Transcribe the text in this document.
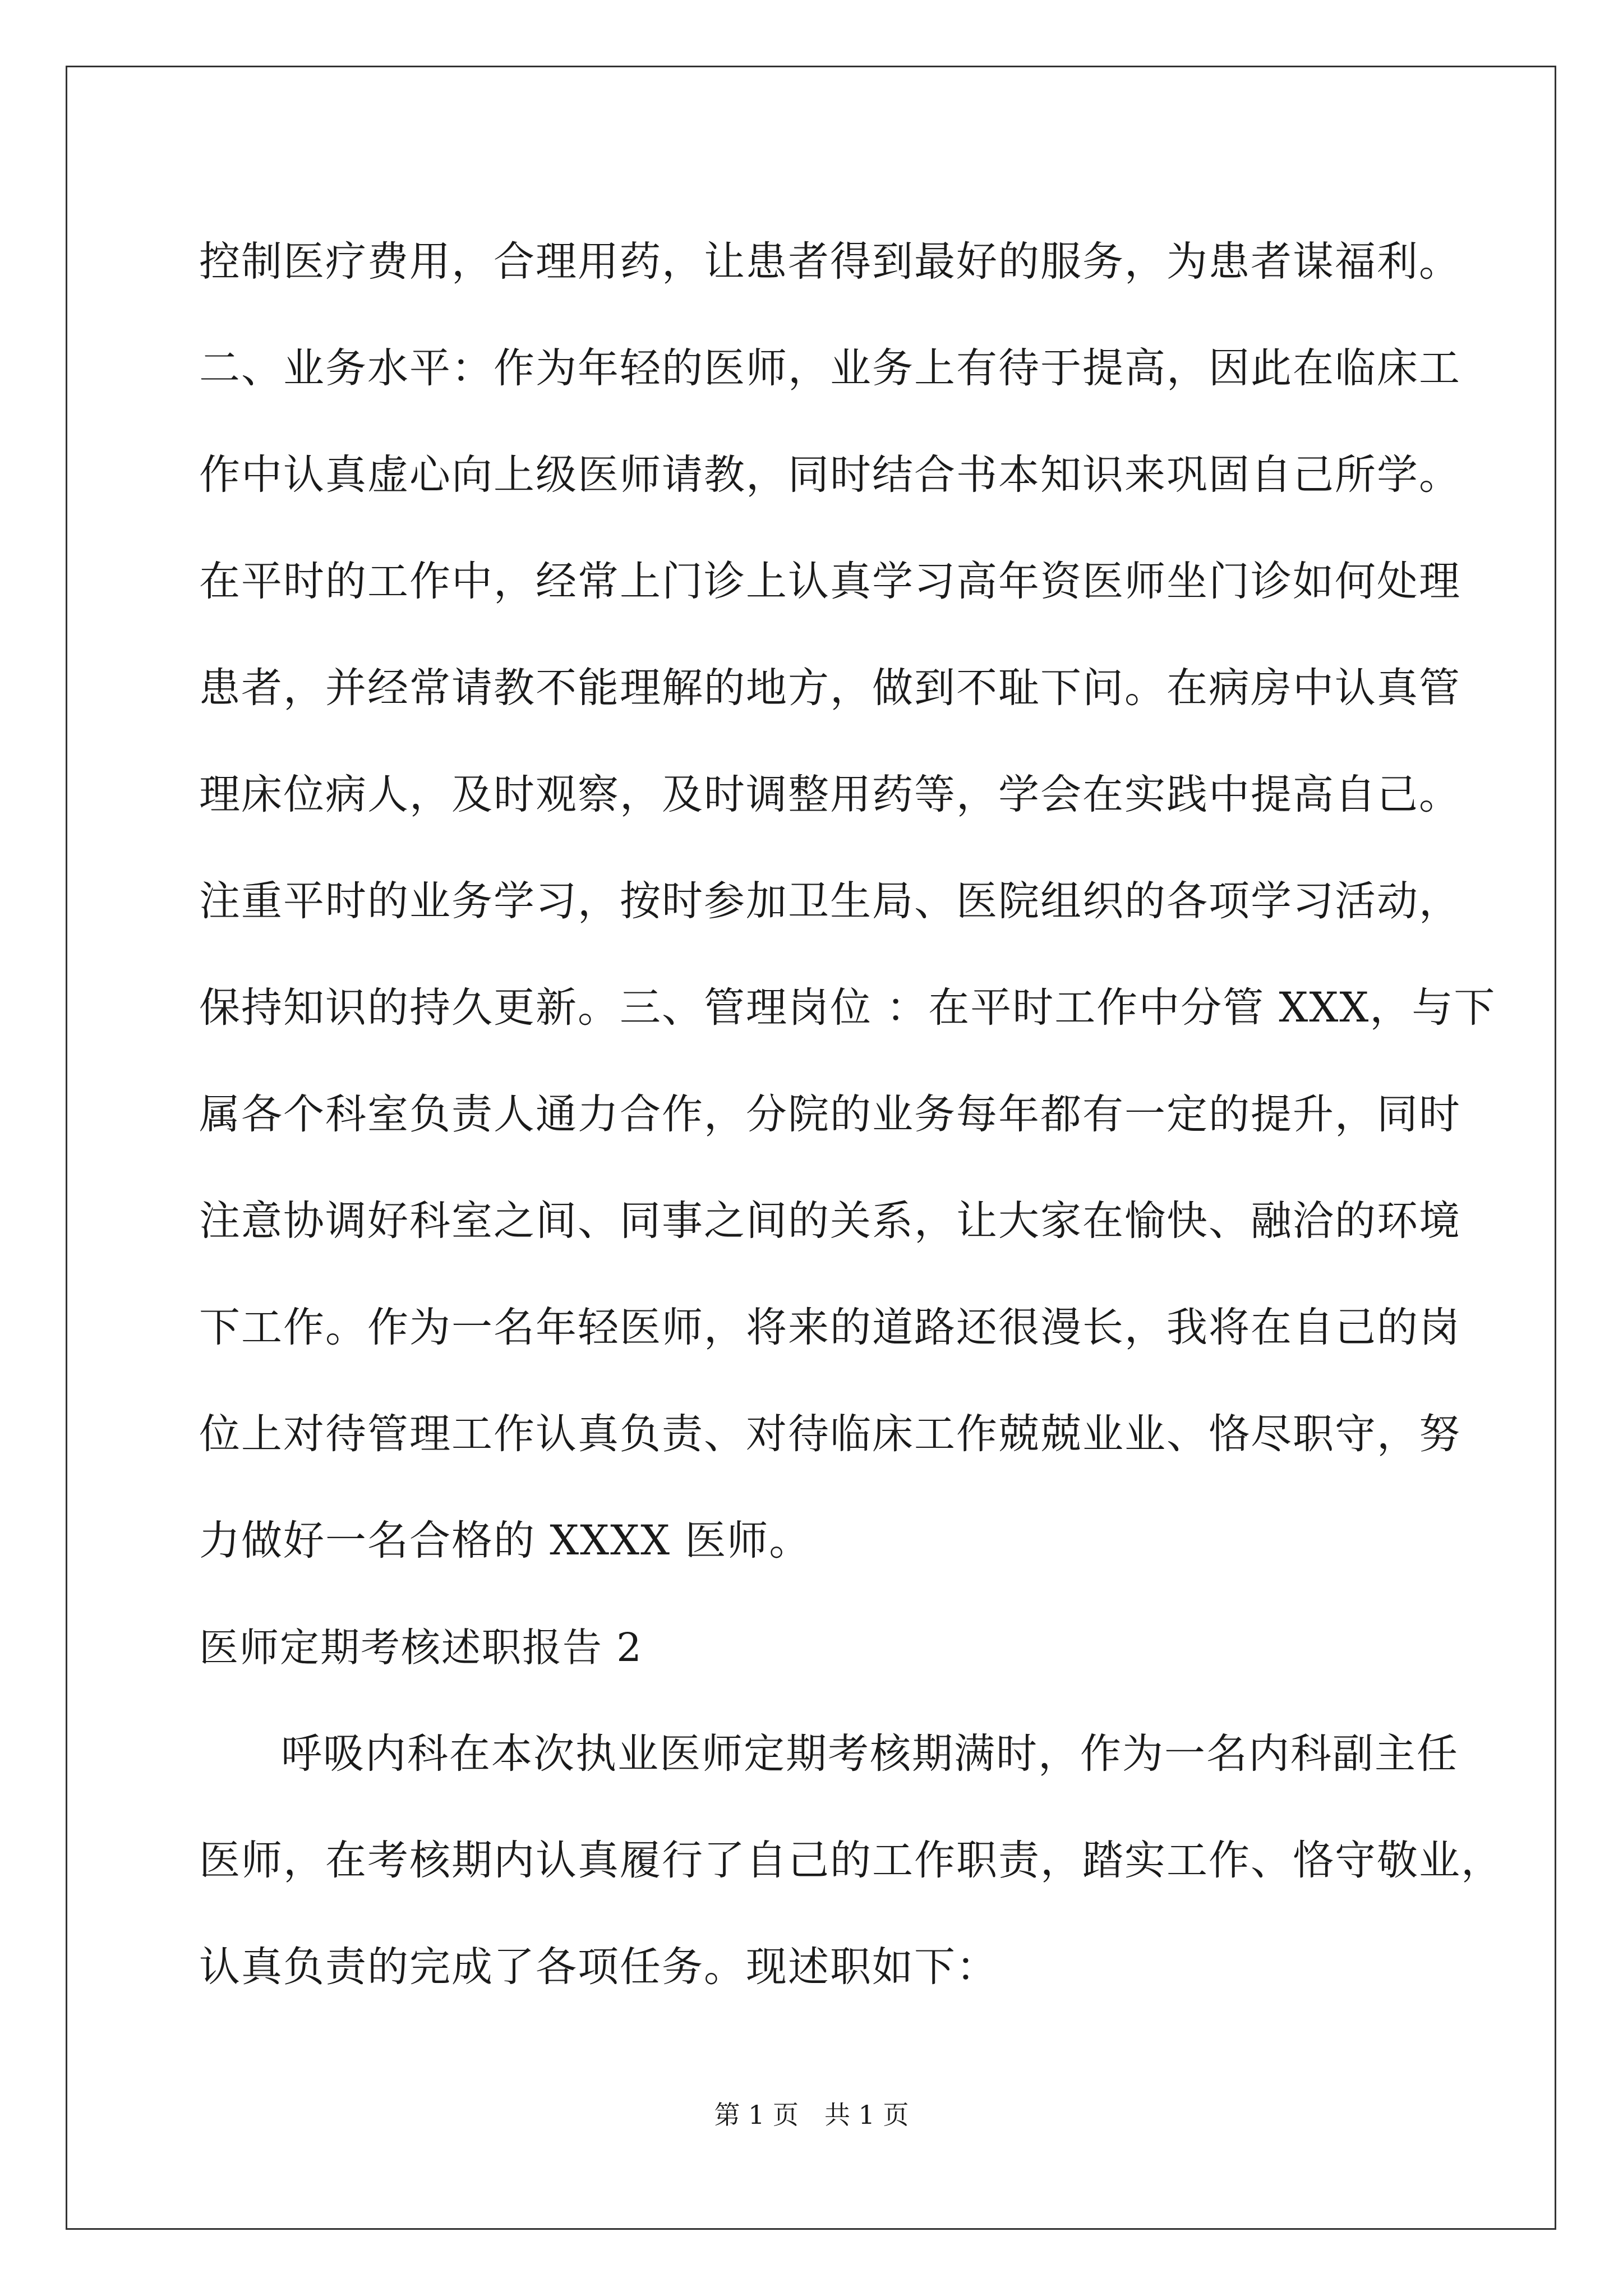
控制医疗费用，合理用药，让患者得到最好的服务，为患者谋福利。
二、业务水平：作为年轻的医师，业务上有待于提高，因此在临床工
作中认真虚心向上级医师请教，同时结合书本知识来巩固自己所学。
在平时的工作中，经常上门诊上认真学习高年资医师坐门诊如何处理
患者，并经常请教不能理解的地方，做到不耻下问。在病房中认真管
理床位病人，及时观察，及时调整用药等，学会在实践中提高自己。
注重平时的业务学习，按时参加卫生局、医院组织的各项学习活动，
保持知识的持久更新。三、管理岗位 ：在平时工作中分管 XXX，与下
属各个科室负责人通力合作，分院的业务每年都有一定的提升，同时
注意协调好科室之间、同事之间的关系，让大家在愉快、融洽的环境
下工作。作为一名年轻医师，将来的道路还很漫长，我将在自己的岗
位上对待管理工作认真负责、对待临床工作兢兢业业、恪尽职守，努
力做好一名合格的 XXXX 医师。
医师定期考核述职报告 2
呼吸内科在本次执业医师定期考核期满时，作为一名内科副主任
医师，在考核期内认真履行了自己的工作职责，踏实工作、恪守敬业，
认真负责的完成了各项任务。现述职如下：
第 1 页　共 1 页
